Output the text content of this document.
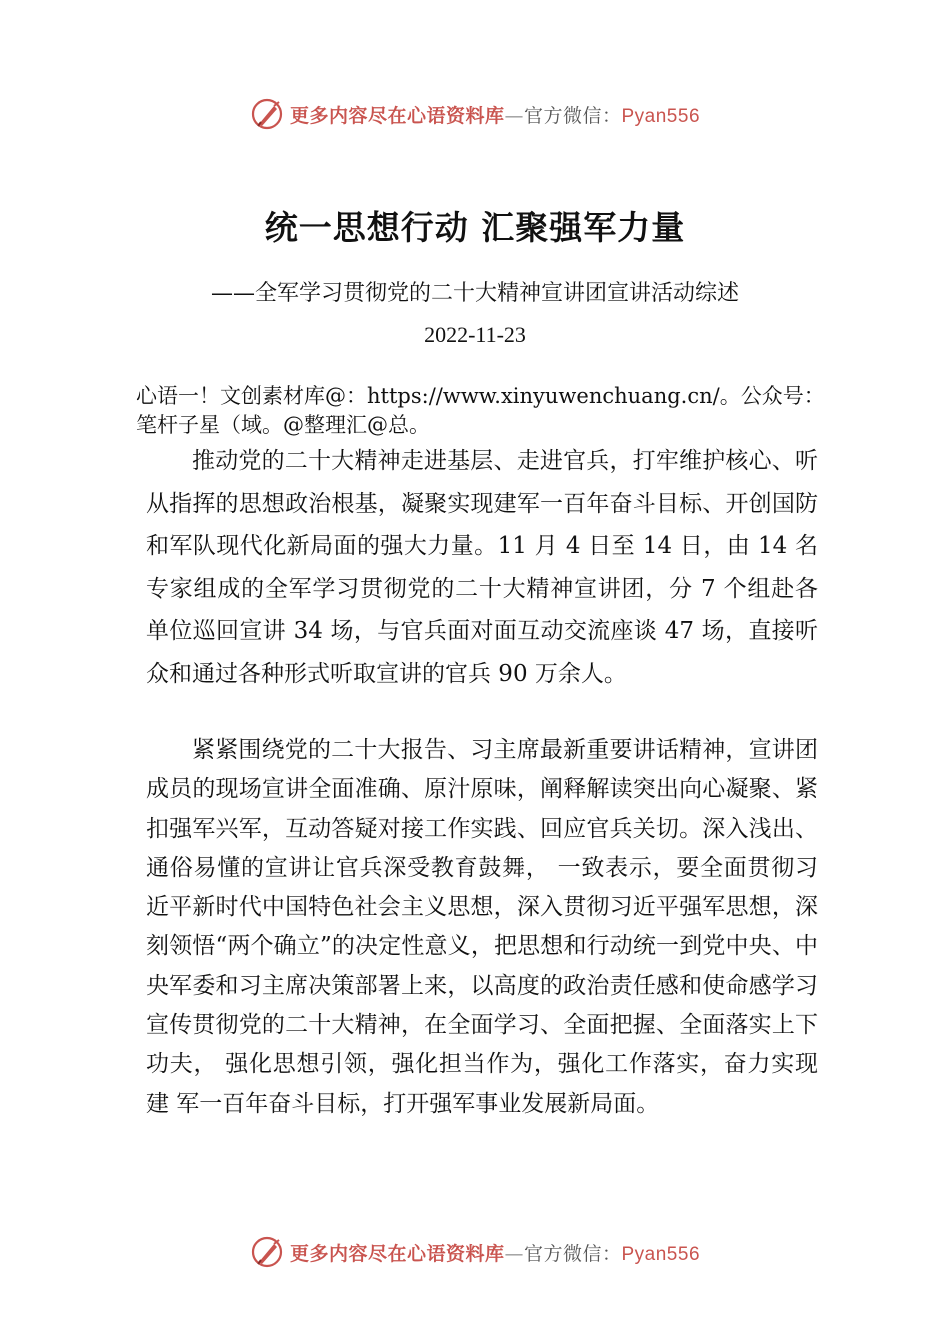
更多内容尽在心语资料库—官方微信：Pyan556
统一思想行动 汇聚强军力量
——全军学习贯彻党的二十大精神宣讲团宣讲活动综述
2022-11-23
心语一！文创素材库@：https://www.xinyuwenchuang.cn/。公众号：笔杆子星（域。@整理汇@总。

推动党的二十大精神走进基层、走进官兵，打牢维护核心、听从指挥的思想政治根基，凝聚实现建军一百年奋斗目标、开创国防和军队现代化新局面的强大力量。11 月 4 日至 14 日，由 14 名专家组成的全军学习贯彻党的二十大精神宣讲团，分 7 个组赴各单位巡回宣讲 34 场，与官兵面对面互动交流座谈 47 场，直接听众和通过各种形式听取宣讲的官兵 90 万余人。

紧紧围绕党的二十大报告、习主席最新重要讲话精神，宣讲团成员的现场宣讲全面准确、原汁原味，阐释解读突出向心凝聚、紧扣强军兴军，互动答疑对接工作实践、回应官兵关切。深入浅出、通俗易懂的宣讲让官兵深受教育鼓舞， 一致表示，要全面贯彻习近平新时代中国特色社会主义思想，深入贯彻习近平强军思想，深刻领悟“两个确立”的决定性意义，把思想和行动统一到党中央、中央军委和习主席决策部署上来，以高度的政治责任感和使命感学习宣传贯彻党的二十大精神，在全面学习、全面把握、全面落实上下功夫， 强化思想引领，强化担当作为，强化工作落实，奋力实现建 军一百年奋斗目标，打开强军事业发展新局面。

更多内容尽在心语资料库—官方微信：Pyan556
